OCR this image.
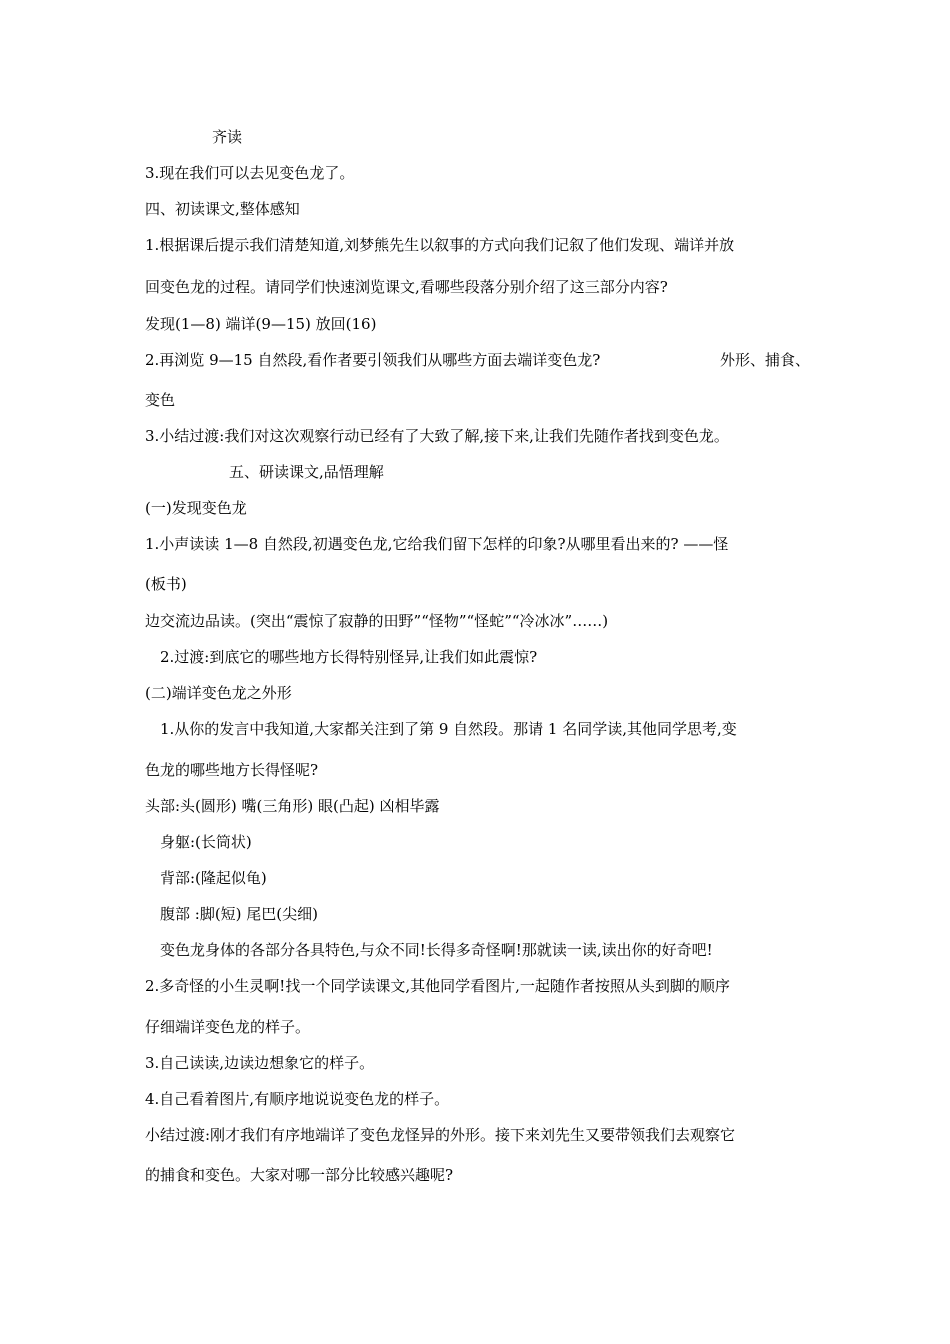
齐读
3.现在我们可以去见变色龙了。
四、初读课文,整体感知
1.根据课后提示我们清楚知道,刘梦熊先生以叙事的方式向我们记叙了他们发现、端详并放
回变色龙的过程。请同学们快速浏览课文,看哪些段落分别介绍了这三部分内容?
发现(1—8) 端详(9—15) 放回(16)
2.再浏览 9—15 自然段,看作者要引领我们从哪些方面去端详变色龙?	外形、捕食、
变色
3.小结过渡:我们对这次观察行动已经有了大致了解,接下来,让我们先随作者找到变色龙。
五、研读课文,品悟理解
(一)发现变色龙
1.小声读读 1—8 自然段,初遇变色龙,它给我们留下怎样的印象?从哪里看出来的? ——怪
(板书)
边交流边品读。(突出“震惊了寂静的田野”“怪物”“怪蛇”“冷冰冰”……)
2.过渡:到底它的哪些地方长得特别怪异,让我们如此震惊?
(二)端详变色龙之外形
1.从你的发言中我知道,大家都关注到了第 9 自然段。那请 1 名同学读,其他同学思考,变
色龙的哪些地方长得怪呢?
头部:头(圆形) 嘴(三角形) 眼(凸起) 凶相毕露
身躯:(长筒状)
背部:(隆起似龟)
腹部 :脚(短) 尾巴(尖细)
变色龙身体的各部分各具特色,与众不同!长得多奇怪啊!那就读一读,读出你的好奇吧!
2.多奇怪的小生灵啊!找一个同学读课文,其他同学看图片,一起随作者按照从头到脚的顺序
仔细端详变色龙的样子。
3.自己读读,边读边想象它的样子。
4.自己看着图片,有顺序地说说变色龙的样子。
小结过渡:刚才我们有序地端详了变色龙怪异的外形。接下来刘先生又要带领我们去观察它
的捕食和变色。大家对哪一部分比较感兴趣呢?
